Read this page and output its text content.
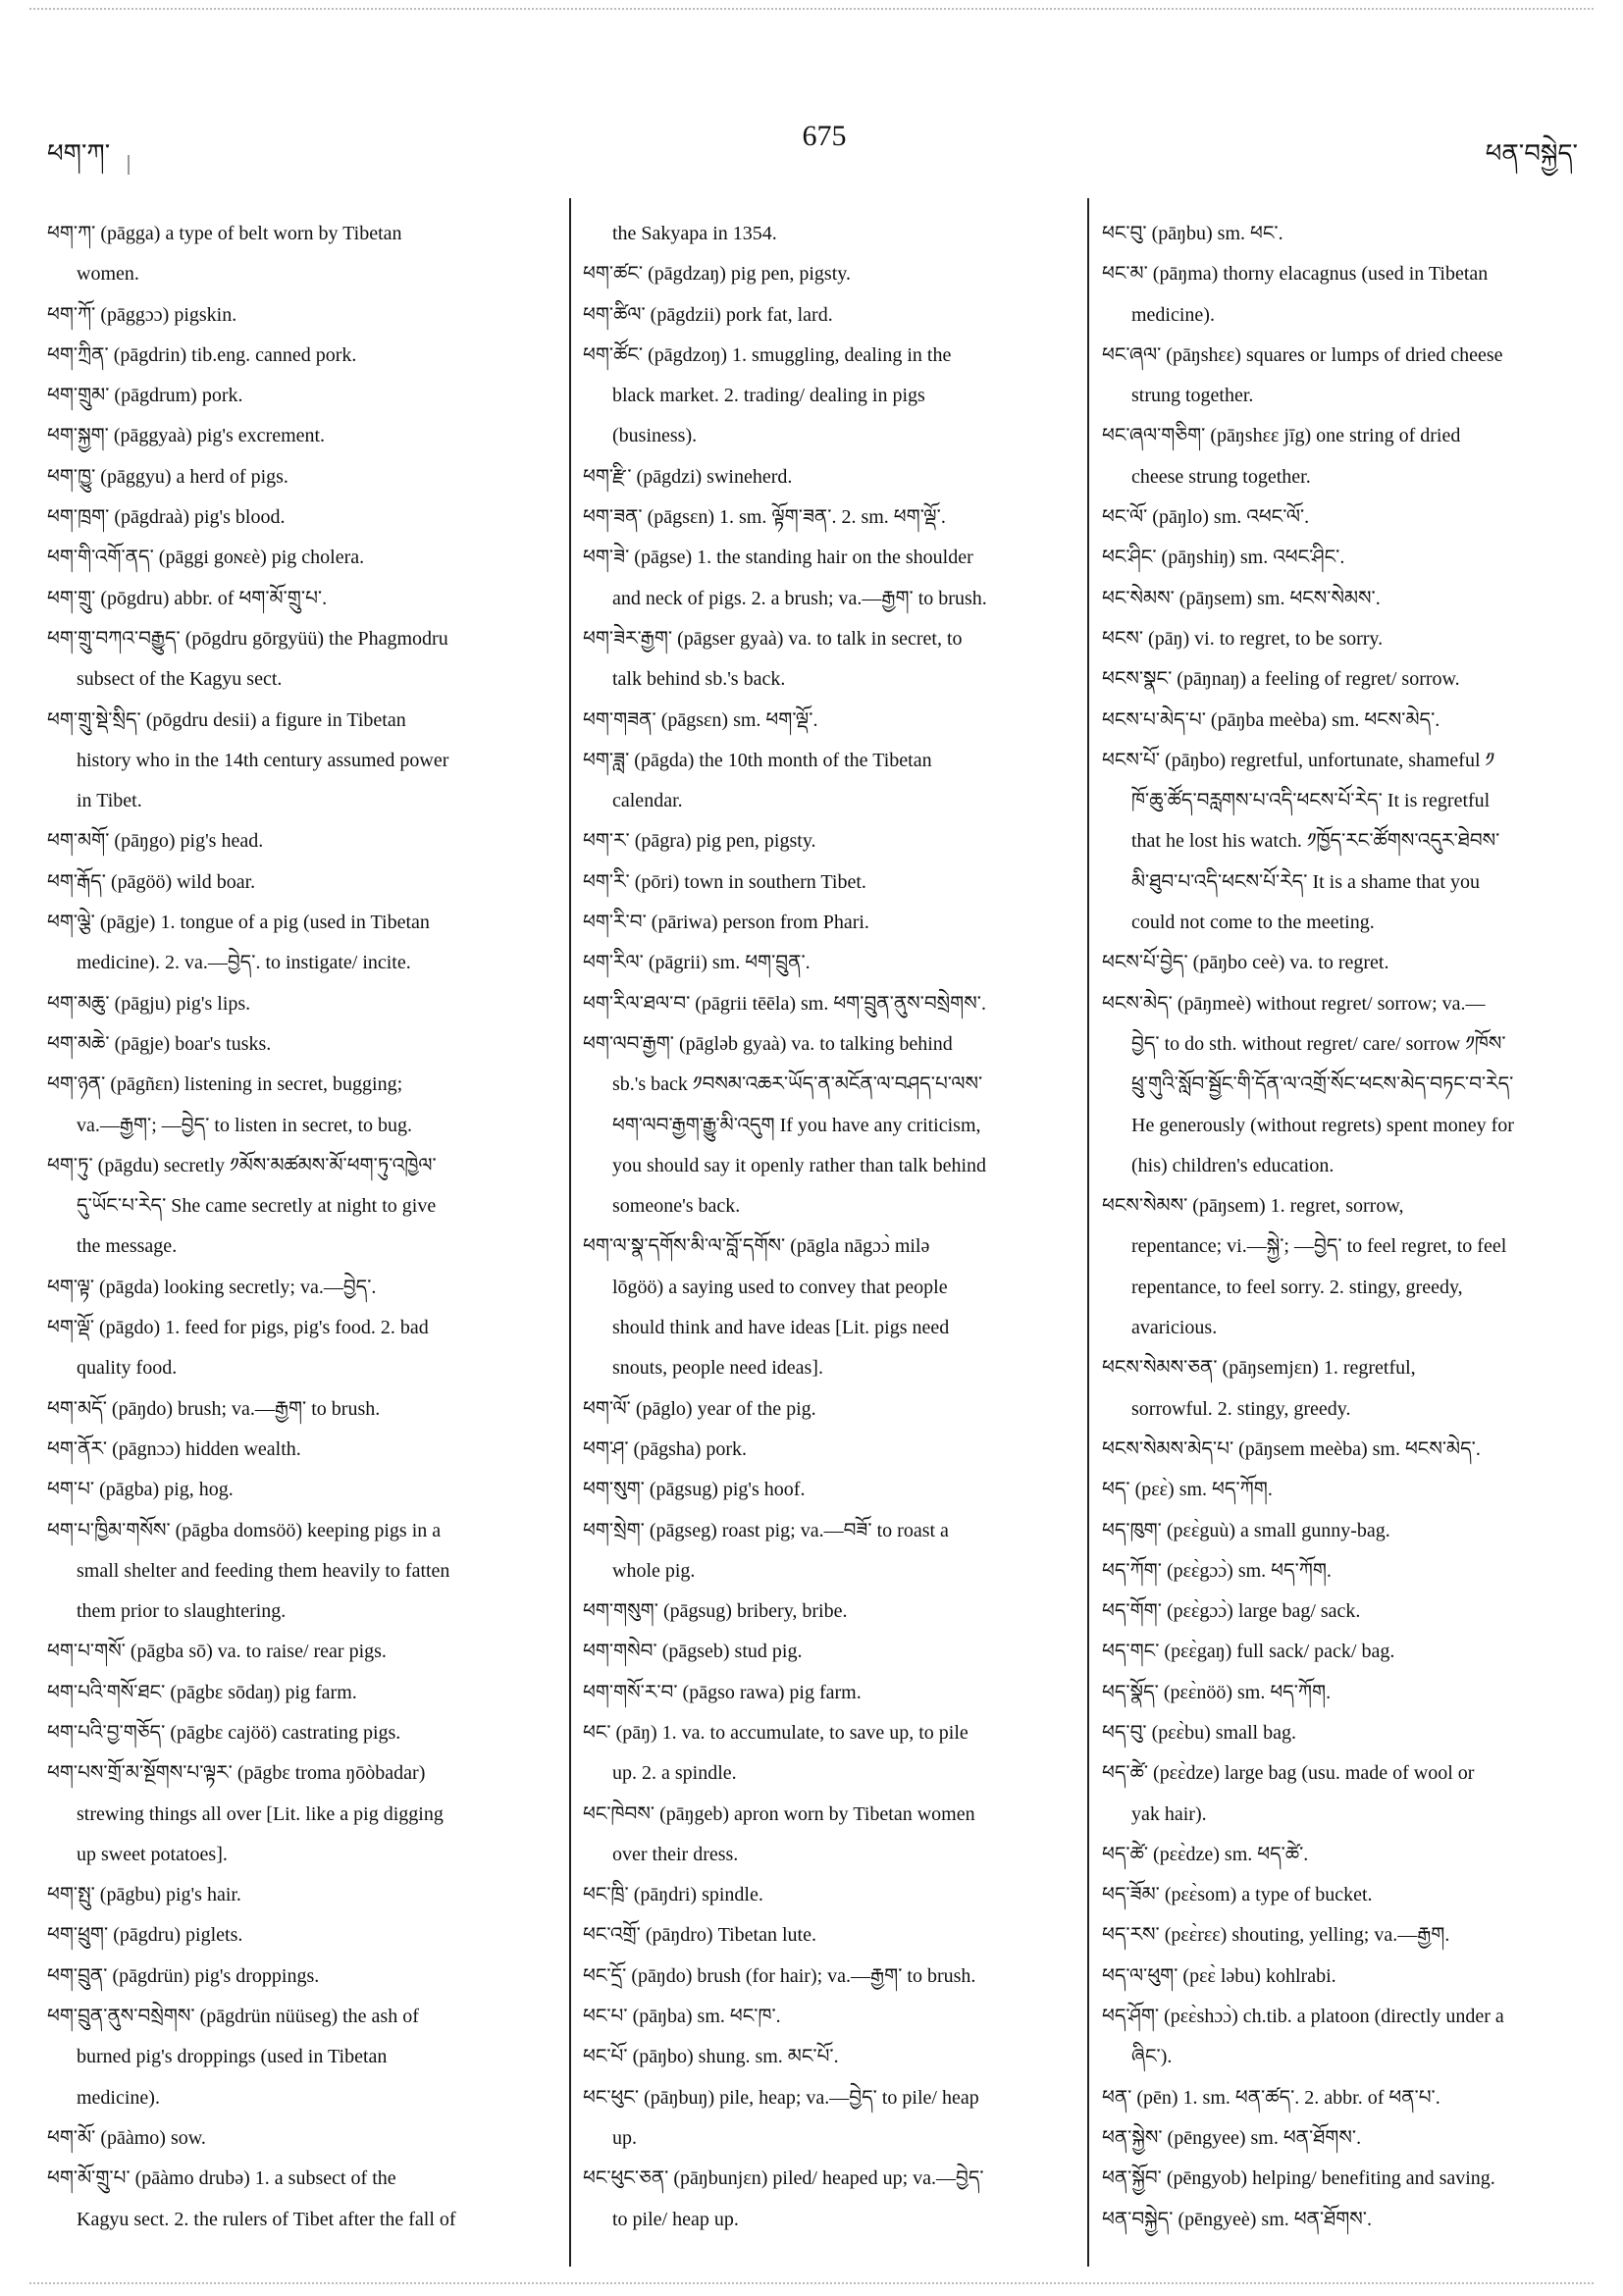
ཕག་ཀ་
675
ཕན་བསྐྱེད་
ཕག་ཀ་ (pāgga) a type of belt worn by Tibetan
women.
ཕག་ཀོ་ (pāggɔɔ) pigskin.
ཕག་ཀྲིན་ (pāgdrin) tib.eng. canned pork.
ཕག་གྲུམ་ (pāgdrum) pork.
ཕག་སྐྱག་ (pāggyaà) pig's excrement.
ཕག་ཁྱུ་ (pāggyu) a herd of pigs.
ཕག་ཁྲག་ (pāgdraà) pig's blood.
ཕག་གི་འགོ་ནད་ (pāggi goɴɛè) pig cholera.
ཕག་གྲུ་ (pōgdru) abbr. of ཕག་མོ་གྲུ་པ་.
ཕག་གྲུ་བཀའ་བརྒྱུད་ (pōgdru gōrgyüü) the Phagmodru
subsect of the Kagyu sect.
ཕག་གྲུ་སྡེ་སྲིད་ (pōgdru desii) a figure in Tibetan
history who in the 14th century assumed power
in Tibet.
ཕག་མགོ་ (pāŋgo) pig's head.
ཕག་རྒོད་ (pāgöö) wild boar.
ཕག་ལྕེ་ (pāgje) 1. tongue of a pig (used in Tibetan
medicine). 2. va.—བྱེད་. to instigate/ incite.
ཕག་མཆུ་ (pāgju) pig's lips.
ཕག་མཆེ་ (pāgje) boar's tusks.
ཕག་ཉན་ (pāgñɛn) listening in secret, bugging;
va.—རྒྱག་; —བྱེད་ to listen in secret, to bug.
ཕག་ཏུ་ (pāgdu) secretly ༡མོས་མཚམས་མོ་ཕག་ཏུ་འཁྱེལ་
དུ་ཡོང་པ་རེད་ She came secretly at night to give
the message.
ཕག་ལྟ་ (pāgda) looking secretly; va.—བྱེད་.
ཕག་ལྡོ་ (pāgdo) 1. feed for pigs, pig's food. 2. bad
quality food.
ཕག་མདོ་ (pāŋdo) brush; va.—རྒྱག་ to brush.
ཕག་ནོར་ (pāgnɔɔ) hidden wealth.
ཕག་པ་ (pāgba) pig, hog.
ཕག་པ་ཁྱིམ་གསོས་ (pāgba domsöö) keeping pigs in a
small shelter and feeding them heavily to fatten
them prior to slaughtering.
ཕག་པ་གསོ་ (pāgba sō) va. to raise/ rear pigs.
ཕག་པའི་གསོ་ཐང་ (pāgbɛ sōdaŋ) pig farm.
ཕག་པའི་བྱ་གཅོད་ (pāgbɛ cajöö) castrating pigs.
ཕག་པས་གྲོ་མ་སྔོགས་པ་ལྟར་ (pāgbɛ troma ŋōòbadar)
strewing things all over [Lit. like a pig digging
up sweet potatoes].
ཕག་སྤུ་ (pāgbu) pig's hair.
ཕག་ཕྲུག་ (pāgdru) piglets.
ཕག་བྲུན་ (pāgdrün) pig's droppings.
ཕག་བྲུན་ནུས་བསྲེགས་ (pāgdrün nüüseg) the ash of
burned pig's droppings (used in Tibetan
medicine).
ཕག་མོ་ (pāàmo) sow.
ཕག་མོ་གྲུ་པ་ (pāàmo drubə) 1. a subsect of the
Kagyu sect. 2. the rulers of Tibet after the fall of
the Sakyapa in 1354.
ཕག་ཚང་ (pāgdzaŋ) pig pen, pigsty.
ཕག་ཚིལ་ (pāgdzii) pork fat, lard.
ཕག་ཚོང་ (pāgdzoŋ) 1. smuggling, dealing in the
black market. 2. trading/ dealing in pigs
(business).
ཕག་རྫི་ (pāgdzi) swineherd.
ཕག་ཟན་ (pāgsɛn) 1. sm. ལྟོག་ཟན་. 2. sm. ཕག་ལྡོ་.
ཕག་ཟེ་ (pāgse) 1. the standing hair on the shoulder
and neck of pigs. 2. a brush; va.—རྒྱག་ to brush.
ཕག་ཟེར་རྒྱག་ (pāgser gyaà) va. to talk in secret, to
talk behind sb.'s back.
ཕག་གཟན་ (pāgsɛn) sm. ཕག་ལྡོ་.
ཕག་ཟླ་ (pāgda) the 10th month of the Tibetan
calendar.
ཕག་ར་ (pāgra) pig pen, pigsty.
ཕག་རི་ (pōri) town in southern Tibet.
ཕག་རི་བ་ (pāriwa) person from Phari.
ཕག་རིལ་ (pāgrii) sm. ཕག་བྲུན་.
ཕག་རིལ་ཐལ་བ་ (pāgrii tēēla) sm. ཕག་བྲུན་ནུས་བསྲེགས་.
ཕག་ལབ་རྒྱག་ (pāgləb gyaà) va. to talking behind
sb.'s back ༡བསམ་འཆར་ཡོད་ན་མངོན་ལ་བཤད་པ་ལས་
ཕག་ལབ་རྒྱག་རྒྱུ་མི་འདུག If you have any criticism,
you should say it openly rather than talk behind
someone's back.
ཕག་ལ་སྣ་དགོས་མི་ལ་བློ་དགོས་ (pāgla nāgɔɔ̀ milə
lōgöö) a saying used to convey that people
should think and have ideas [Lit. pigs need
snouts, people need ideas].
ཕག་ལོ་ (pāglo) year of the pig.
ཕག་ཤ་ (pāgsha) pork.
ཕག་སུག་ (pāgsug) pig's hoof.
ཕག་སྲེག་ (pāgseg) roast pig; va.—བཟོ་ to roast a
whole pig.
ཕག་གསུག་ (pāgsug) bribery, bribe.
ཕག་གསེབ་ (pāgseb) stud pig.
ཕག་གསོ་ར་བ་ (pāgso rawa) pig farm.
ཕང་ (pāŋ) 1. va. to accumulate, to save up, to pile
up. 2. a spindle.
ཕང་ཁེབས་ (pāŋgeb) apron worn by Tibetan women
over their dress.
ཕང་ཁྲི་ (pāŋdri) spindle.
ཕང་འགྲོ་ (pāŋdro) Tibetan lute.
ཕང་དྲོ་ (pāŋdo) brush (for hair); va.—རྒྱག་ to brush.
ཕང་པ་ (pāŋba) sm. ཕང་ཁ་.
ཕང་པོ་ (pāŋbo) shung. sm. མང་པོ་.
ཕང་ཕུང་ (pāŋbuŋ) pile, heap; va.—བྱེད་ to pile/ heap
up.
ཕང་ཕུང་ཅན་ (pāŋbunjɛn) piled/ heaped up; va.—བྱེད་
to pile/ heap up.
ཕང་བུ་ (pāŋbu) sm. ཕང་.
ཕང་མ་ (pāŋma) thorny elacagnus (used in Tibetan
medicine).
ཕང་ཞལ་ (pāŋshɛɛ) squares or lumps of dried cheese
strung together.
ཕང་ཞལ་གཅིག་ (pāŋshɛɛ jīg) one string of dried
cheese strung together.
ཕང་ལོ་ (pāŋlo) sm. འཕང་ལོ་.
ཕང་ཤིང་ (pāŋshiŋ) sm. འཕང་ཤིང་.
ཕང་སེམས་ (pāŋsem) sm. ཕངས་སེམས་.
ཕངས་ (pāŋ) vi. to regret, to be sorry.
ཕངས་སྣང་ (pāŋnaŋ) a feeling of regret/ sorrow.
ཕངས་པ་མེད་པ་ (pāŋba meèba) sm. ཕངས་མེད་.
ཕངས་པོ་ (pāŋbo) regretful, unfortunate, shameful ༡
ཁོ་ཆུ་ཚོད་བརླགས་པ་འདི་ཕངས་པོ་རེད་ It is regretful
that he lost his watch. ༡ཁྱོད་རང་ཚོགས་འདུར་ཐེབས་
མི་ཐུབ་པ་འདི་ཕངས་པོ་རེད་ It is a shame that you
could not come to the meeting.
ཕངས་པོ་བྱེད་ (pāŋbo ceè) va. to regret.
ཕངས་མེད་ (pāŋmeè) without regret/ sorrow; va.—
བྱེད་ to do sth. without regret/ care/ sorrow ༡ཁོས་
ཕྲུ་གུའི་སློབ་སྦྱོང་གི་དོན་ལ་འགྲོ་སོང་ཕངས་མེད་བཏང་བ་རེད་
He generously (without regrets) spent money for
(his) children's education.
ཕངས་སེམས་ (pāŋsem) 1. regret, sorrow,
repentance; vi.—སྐྱེ་; —བྱེད་ to feel regret, to feel
repentance, to feel sorry. 2. stingy, greedy,
avaricious.
ཕངས་སེམས་ཅན་ (pāŋsemjɛn) 1. regretful,
sorrowful. 2. stingy, greedy.
ཕངས་སེམས་མེད་པ་ (pāŋsem meèba) sm. ཕངས་མེད་.
ཕད་ (pɛɛ̀) sm. ཕད་ཀོག.
ཕད་ཁུག་ (pɛɛ̀guù) a small gunny-bag.
ཕད་ཀོག་ (pɛɛ̀gɔɔ̀) sm. ཕད་ཀོག.
ཕད་གོག་ (pɛɛ̀gɔɔ̀) large bag/ sack.
ཕད་གང་ (pɛɛ̀gaŋ) full sack/ pack/ bag.
ཕད་སྣོད་ (pɛɛ̀nöö) sm. ཕད་ཀོག.
ཕད་བུ་ (pɛɛ̀bu) small bag.
ཕད་ཚེ་ (pɛɛ̀dze) large bag (usu. made of wool or
yak hair).
ཕད་ཚེ་ (pɛɛ̀dze) sm. ཕད་ཚེ་.
ཕད་ཟོམ་ (pɛɛ̀som) a type of bucket.
ཕད་རས་ (pɛɛ̀rɛɛ) shouting, yelling; va.—རྒྱག.
ཕད་ལ་ཕུག་ (pɛɛ̀ ləbu) kohlrabi.
ཕད་ཤོག་ (pɛɛ̀shɔɔ̀) ch.tib. a platoon (directly under a
ཞིང་).
ཕན་ (pēn) 1. sm. ཕན་ཚད་. 2. abbr. of ཕན་པ་.
ཕན་སྐྱེས་ (pēngyee) sm. ཕན་ཐོགས་.
ཕན་སྐྱོབ་ (pēngyob) helping/ benefiting and saving.
ཕན་བསྐྱེད་ (pēngyeè) sm. ཕན་ཐོགས་.
